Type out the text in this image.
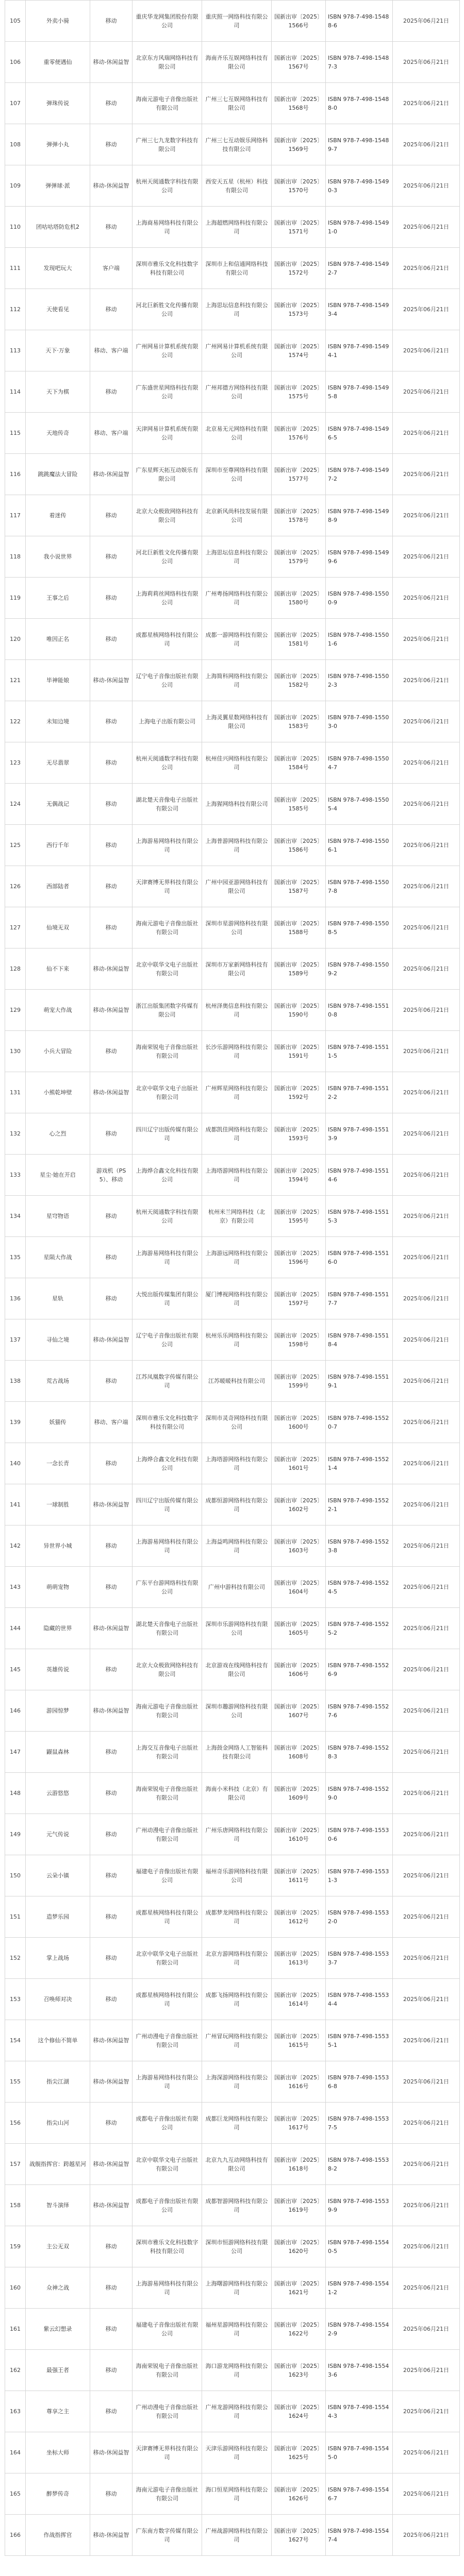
105	外卖小骑	移动	重庆华龙网集团股份有限公司	重庆照一网络科技有限公司	国新出审〔2025〕1566号	ISBN 978-7-498-15488-6	2025年06月21日
106	重零便遇仙	移动-休闲益智	北京东方风瑞网络科技有限公司	海南齐乐互娱网络科技有限公司	国新出审〔2025〕1567号	ISBN 978-7-498-15487-3	2025年06月21日
107	弹珠传说	移动	海南元游电子音像出版社有限公司	广州三七互娱网络科技有限公司	国新出审〔2025〕1568号	ISBN 978-7-498-15488-0	2025年06月21日
108	弹弹小丸	移动	广州三七九龙数字科技有限公司	广州三七互动娱乐网络科技有限公司	国新出审〔2025〕1569号	ISBN 978-7-498-15489-7	2025年06月21日
109	弹弹球·派	移动-休闲益智	杭州天阅通数字科技有限公司	西安天五星（杭州）科技有限公司	国新出审〔2025〕1570号	ISBN 978-7-498-15490-3	2025年06月21日
110	团咕咕塔防危机2	移动	上海商易网络科技有限公司	上海超燃网络科技有限公司	国新出审〔2025〕1571号	ISBN 978-7-498-15491-0	2025年06月21日
111	发现吧玩大	客户端	深圳市雅乐文化科技数字科技有限公司	深圳市上和信通网络科技有限公司	国新出审〔2025〕1572号	ISBN 978-7-498-15492-7	2025年06月21日
112	天使看见	移动	河北巨新胜文化传播有限公司	上海思坛信息科技有限公司	国新出审〔2025〕1573号	ISBN 978-7-498-15493-4	2025年06月21日
113	天下·万象	移动、客户端	广州网易计算机系统有限公司	广州网易计算机系统有限公司	国新出审〔2025〕1574号	ISBN 978-7-498-15494-1	2025年06月21日
114	天下为棋	移动	广东盛世星网络科技有限公司	广州邦德方网络科技有限公司	国新出审〔2025〕1575号	ISBN 978-7-498-15495-8	2025年06月21日
115	天地传奇	移动、客户端	天津网易计算机系统有限公司	北京易无元网络科技有限公司	国新出审〔2025〕1576号	ISBN 978-7-498-15496-5	2025年06月21日
116	跳跳魔法大冒险	移动-休闲益智	广东星辉天拓互动娱乐有限公司	深圳市至尊网络科技有限公司	国新出审〔2025〕1577号	ISBN 978-7-498-15497-2	2025年06月21日
117	着迷传	移动	北京大众极致网络科技有限公司	北京新风尚科技发展有限公司	国新出审〔2025〕1578号	ISBN 978-7-498-15498-9	2025年06月21日
118	我小说世界	移动	河北巨新胜文化传播有限公司	上海思坛信息科技有限公司	国新出审〔2025〕1579号	ISBN 978-7-498-15499-6	2025年06月21日
119	王事之后	移动	上海莉莉丝网络科技有限公司	广州粤扬网络科技有限公司	国新出审〔2025〕1580号	ISBN 978-7-498-15500-9	2025年06月21日
120	唯因正名	移动	成都星核网络科技有限公司	成都一游网络科技有限公司	国新出审〔2025〕1581号	ISBN 978-7-498-15501-6	2025年06月21日
121	毕神能娘	移动-休闲益智	辽宁电子音像出版社有限公司	上海简科网络科技有限公司	国新出审〔2025〕1582号	ISBN 978-7-498-15502-3	2025年06月21日
122	未知边境	移动	上海电子出版有限公司	上海灵翼星数网络科技有限公司	国新出审〔2025〕1583号	ISBN 978-7-498-15503-0	2025年06月21日
123	无尽翡翠	移动	杭州天阅通数字科技有限公司	杭州佳兴网络科技有限公司	国新出审〔2025〕1584号	ISBN 978-7-498-15504-7	2025年06月21日
124	无偶战记	移动	湖北楚天音像电子出版社有限公司	上海猩网络科技有限公司	国新出审〔2025〕1585号	ISBN 978-7-498-15505-4	2025年06月21日
125	西行千年	移动	上海游易网络科技有限公司	上海普游网络科技有限公司	国新出审〔2025〕1586号	ISBN 978-7-498-15506-1	2025年06月21日
126	西部陆者	移动	天津赛博无界科技有限公司	广州中园亚游网络科技有限公司	国新出审〔2025〕1587号	ISBN 978-7-498-15507-8	2025年06月21日
127	仙境无双	移动	海南元游电子音像出版社有限公司	深圳市星游网络科技有限公司	国新出审〔2025〕1588号	ISBN 978-7-498-15508-5	2025年06月21日
128	仙不下来	移动-休闲益智	北京中联华文电子出版社有限公司	深圳市万家新网络科技有限公司	国新出审〔2025〕1589号	ISBN 978-7-498-15509-2	2025年06月21日
129	萌宠大作战	移动-休闲益智	浙江出版集团数字传媒有限公司	杭州泽奥信息科技有限公司	国新出审〔2025〕1590号	ISBN 978-7-498-15510-8	2025年06月21日
130	小兵大冒险	移动	海南荣锐电子音像出版社有限公司	长沙乐游网络科技有限公司	国新出审〔2025〕1591号	ISBN 978-7-498-15511-5	2025年06月21日
131	小熊乾坤壁	移动-休闲益智	北京中联华文电子出版社有限公司	广州辉星网络科技有限公司	国新出审〔2025〕1592号	ISBN 978-7-498-15512-2	2025年06月21日
132	心之烈	移动	四川辽宁出版传媒有限公司	成都凯佳网络科技有限公司	国新出审〔2025〕1593号	ISBN 978-7-498-15513-9	2025年06月21日
133	星尘·她在开启	游戏机（PS5）、移动	上海烨合鑫文化科技有限公司	上海塔游网络科技有限公司	国新出审〔2025〕1594号	ISBN 978-7-498-15514-6	2025年06月21日
134	星穹物语	移动	杭州天阅通数字科技有限公司	杭州米兰网络科技（北京）有限公司	国新出审〔2025〕1595号	ISBN 978-7-498-15515-3	2025年06月21日
135	星陨大作战	移动	上海游易网络科技有限公司	上海游远网络科技有限公司	国新出审〔2025〕1596号	ISBN 978-7-498-15516-0	2025年06月21日
136	星轨	移动	大悦出版传媒集团有限公司	厦门博视网络科技有限公司	国新出审〔2025〕1597号	ISBN 978-7-498-15517-7	2025年06月21日
137	寻仙之境	移动-休闲益智	辽宁电子音像出版社有限公司	杭州乐乐网络科技有限公司	国新出审〔2025〕1598号	ISBN 978-7-498-15518-4	2025年06月21日
138	荒古战场	移动	江苏凤凰数字传媒有限公司	江苏暖暖科技有限公司	国新出审〔2025〕1599号	ISBN 978-7-498-15519-1	2025年06月21日
139	妖猫传	移动、客户端	深圳市雅乐文化科技数字科技有限公司	深圳市灵奇网络科技有限公司	国新出审〔2025〕1600号	ISBN 978-7-498-15520-7	2025年06月21日
140	一念长青	移动	上海烨合鑫文化科技有限公司	上海塔游网络科技有限公司	国新出审〔2025〕1601号	ISBN 978-7-498-15521-4	2025年06月21日
141	一球制胜	移动-休闲益智	四川辽宁出版传媒有限公司	成都恒游网络科技有限公司	国新出审〔2025〕1602号	ISBN 978-7-498-15522-1	2025年06月21日
142	异世界小城	移动	上海游易网络科技有限公司	上海益鸣网络科技有限公司	国新出审〔2025〕1603号	ISBN 978-7-498-15523-8	2025年06月21日
143	萌萌宠物	移动	广东平台游网络科技有限公司	广州中游科技有限公司	国新出审〔2025〕1604号	ISBN 978-7-498-15524-5	2025年06月21日
144	隐藏的世界	移动-休闲益智	湖北楚天音像电子出版社有限公司	深圳市乐游网络科技有限公司	国新出审〔2025〕1605号	ISBN 978-7-498-15525-2	2025年06月21日
145	英雄传说	移动	北京大众极致网络科技有限公司	北京游戏在线网络科技有限公司	国新出审〔2025〕1606号	ISBN 978-7-498-15526-9	2025年06月21日
146	游园惊梦	移动-休闲益智	海南元游电子音像出版社有限公司	深圳市趣游网络科技有限公司	国新出审〔2025〕1607号	ISBN 978-7-498-15527-6	2025年06月21日
147	鼹鼠森林	移动	上海交互音像电子出版社有限公司	上海鼓金网络人工智能科技有限公司	国新出审〔2025〕1608号	ISBN 978-7-498-15528-3	2025年06月21日
148	云游悠悠	移动	海南荣锐电子音像出版社有限公司	海南小米科技（北京）有限公司	国新出审〔2025〕1609号	ISBN 978-7-498-15529-0	2025年06月21日
149	元气传说	移动	广州动漫电子音像出版社有限公司	广州乐唐网络科技有限公司	国新出审〔2025〕1610号	ISBN 978-7-498-15530-6	2025年06月21日
150	云朵小镇	移动	福建电子音像出版社有限公司	福州奇乐游网络科技有限公司	国新出审〔2025〕1611号	ISBN 978-7-498-15531-3	2025年06月21日
151	造梦乐园	移动	成都星核网络科技有限公司	成都梦龙网络科技有限公司	国新出审〔2025〕1612号	ISBN 978-7-498-15532-0	2025年06月21日
152	掌上战场	移动	北京中联华文电子出版社有限公司	北京方游网络科技有限公司	国新出审〔2025〕1613号	ISBN 978-7-498-15533-7	2025年06月21日
153	召唤师对决	移动	成都星核网络科技有限公司	成都飞扬网络科技有限公司	国新出审〔2025〕1614号	ISBN 978-7-498-15534-4	2025年06月21日
154	这个修仙不简单	移动-休闲益智	广州动漫电子音像出版社有限公司	广州冒玩网络科技有限公司	国新出审〔2025〕1615号	ISBN 978-7-498-15535-1	2025年06月21日
155	指尖江湖	移动-休闲益智	上海游易网络科技有限公司	上海深游网络科技有限公司	国新出审〔2025〕1616号	ISBN 978-7-498-15536-8	2025年06月21日
156	指尖山河	移动	成都电子音像出版社有限公司	成都巨龙网络科技有限公司	国新出审〔2025〕1617号	ISBN 978-7-498-15537-5	2025年06月21日
157	战舰指挥官：跨越星河	移动-休闲益智	北京中联华文电子出版社有限公司	北京九九互动网络科技有限公司	国新出审〔2025〕1618号	ISBN 978-7-498-15538-2	2025年06月21日
158	智斗演绎	移动-休闲益智	成都电子音像出版社有限公司	成都智游网络科技有限公司	国新出审〔2025〕1619号	ISBN 978-7-498-15539-9	2025年06月21日
159	主公无双	移动	深圳市雅乐文化科技数字科技有限公司	深圳市恒游网络科技有限公司	国新出审〔2025〕1620号	ISBN 978-7-498-15540-5	2025年06月21日
160	众神之战	移动	上海游易网络科技有限公司	上海曙游网络科技有限公司	国新出审〔2025〕1621号	ISBN 978-7-498-15541-2	2025年06月21日
161	紫云幻想录	移动	福建电子音像出版社有限公司	福州星游网络科技有限公司	国新出审〔2025〕1622号	ISBN 978-7-498-15542-9	2025年06月21日
162	最强王者	移动	海南荣锐电子音像出版社有限公司	海口游龙网络科技有限公司	国新出审〔2025〕1623号	ISBN 978-7-498-15543-6	2025年06月21日
163	尊享之主	移动	广州动漫电子音像出版社有限公司	广州龙游网络科技有限公司	国新出审〔2025〕1624号	ISBN 978-7-498-15544-3	2025年06月21日
164	坐标大师	移动-休闲益智	天津赛博无界科技有限公司	天津乐游网络科技有限公司	国新出审〔2025〕1625号	ISBN 978-7-498-15545-0	2025年06月21日
165	醉梦传奇	移动	海南元游电子音像出版社有限公司	海口恒星网络科技有限公司	国新出审〔2025〕1626号	ISBN 978-7-498-15546-7	2025年06月21日
166	作战指挥官	移动-休闲益智	广东南方数字传媒有限公司	广州战游网络科技有限公司	国新出审〔2025〕1627号	ISBN 978-7-498-15547-4	2025年06月21日
